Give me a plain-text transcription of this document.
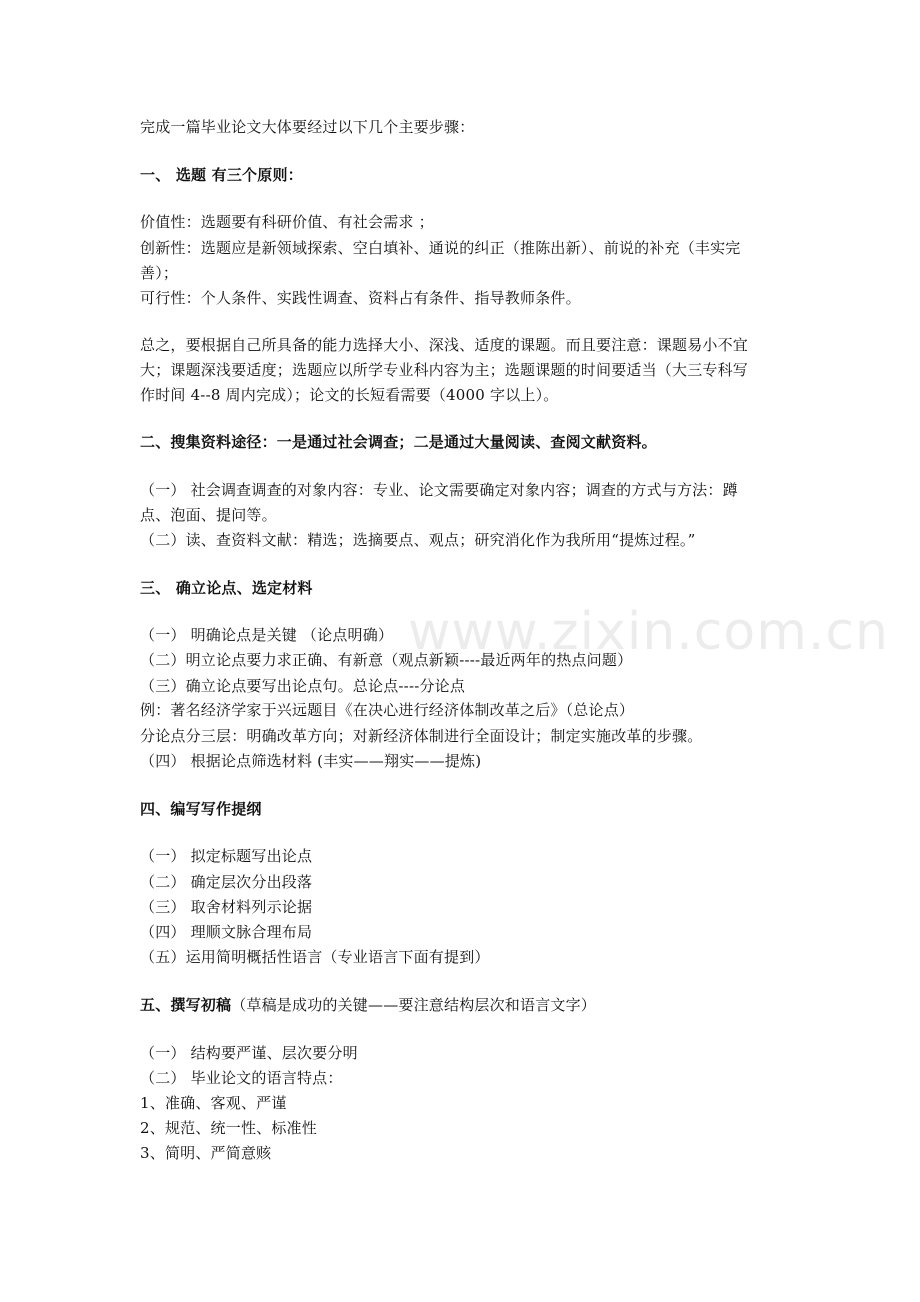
完成一篇毕业论文大体要经过以下几个主要步骤：
一、 选题 有三个原则：
价值性：选题要有科研价值、有社会需求 ；
创新性：选题应是新领域探索、空白填补、通说的纠正（推陈出新）、前说的补充（丰实完
善）；
可行性：个人条件、实践性调查、资料占有条件、指导教师条件。
总之，要根据自己所具备的能力选择大小、深浅、适度的课题。而且要注意：课题易小不宜
大；课题深浅要适度；选题应以所学专业科内容为主；选题课题的时间要适当（大三专科写
作时间 4--8 周内完成）；论文的长短看需要（4000 字以上）。
二、搜集资料途径：一是通过社会调查；二是通过大量阅读、查阅文献资料。
（一） 社会调查调查的对象内容：专业、论文需要确定对象内容；调查的方式与方法：蹲
点、泡面、提问等。
（二）读、查资料文献：精选；选摘要点、观点；研究消化作为我所用“提炼过程。”
三、 确立论点、选定材料
（一） 明确论点是关键 （论点明确）
（二）明立论点要力求正确、有新意（观点新颖----最近两年的热点问题）
（三）确立论点要写出论点句。总论点----分论点
例：著名经济学家于兴远题目《在决心进行经济体制改革之后》（总论点）
分论点分三层：明确改革方向；对新经济体制进行全面设计；制定实施改革的步骤。
（四） 根据论点筛选材料 (丰实——翔实——提炼)
四、编写写作提纲
（一） 拟定标题写出论点
（二） 确定层次分出段落
（三） 取舍材料列示论据
（四） 理顺文脉合理布局
（五）运用简明概括性语言（专业语言下面有提到）
五、撰写初稿（草稿是成功的关键——要注意结构层次和语言文字）
（一） 结构要严谨、层次要分明
（二） 毕业论文的语言特点：
1、准确、客观、严谨
2、规范、统一性、标准性
3、简明、严简意赅
www.zixin.com.cn
